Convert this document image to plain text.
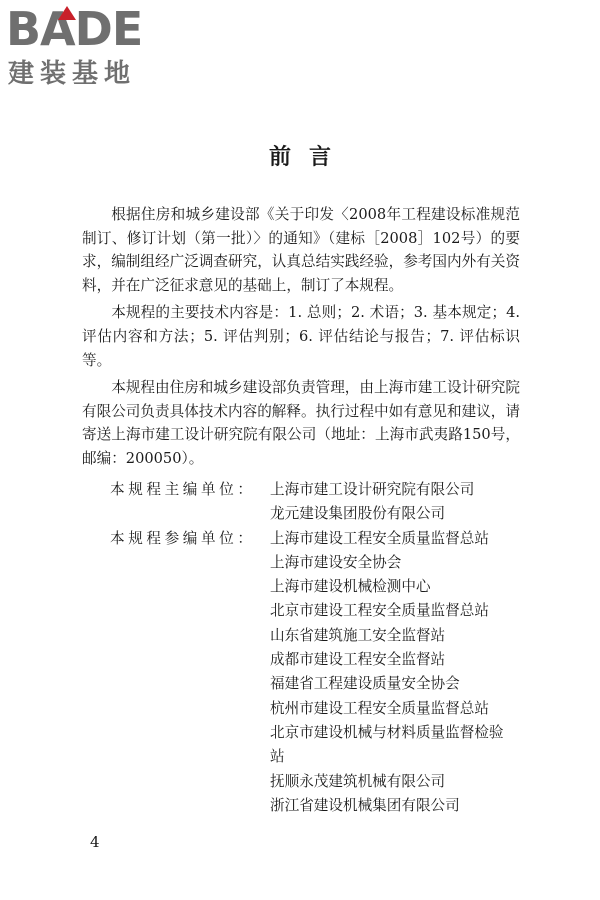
BADE
建装基地
前言

根据住房和城乡建设部《关于印发〈2008年工程建设标准规范制订、修订计划（第一批）〉的通知》（建标［2008］102号）的要求，编制组经广泛调查研究，认真总结实践经验，参考国内外有关资料，并在广泛征求意见的基础上，制订了本规程。

本规程的主要技术内容是：1. 总则；2. 术语；3. 基本规定；4. 评估内容和方法；5. 评估判别；6. 评估结论与报告；7. 评估标识等。

本规程由住房和城乡建设部负责管理，由上海市建工设计研究院有限公司负责具体技术内容的解释。执行过程中如有意见和建议，请寄送上海市建工设计研究院有限公司（地址：上海市武夷路150号，邮编：200050）。

本规程主编单位： 上海市建工设计研究院有限公司
龙元建设集团股份有限公司
本规程参编单位： 上海市建设工程安全质量监督总站
上海市建设安全协会
上海市建设机械检测中心
北京市建设工程安全质量监督总站
山东省建筑施工安全监督站
成都市建设工程安全监督站
福建省工程建设质量安全协会
杭州市建设工程安全质量监督总站
北京市建设机械与材料质量监督检验站
抚顺永茂建筑机械有限公司
浙江省建设机械集团有限公司
4
